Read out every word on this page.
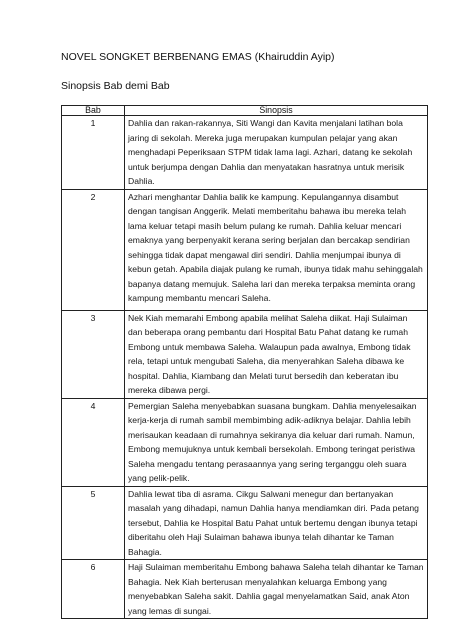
NOVEL SONGKET BERBENANG EMAS (Khairuddin Ayip)
Sinopsis Bab demi Bab
Bab	Sinopsis
1	Dahlia dan rakan-rakannya, Siti Wangi dan Kavita menjalani latihan bola jaring di sekolah. Mereka juga merupakan kumpulan pelajar yang akan menghadapi Peperiksaan STPM tidak lama lagi. Azhari, datang ke sekolah untuk berjumpa dengan Dahlia dan menyatakan hasratnya untuk merisik Dahlia.
2	Azhari menghantar Dahlia balik ke kampung. Kepulangannya disambut dengan tangisan Anggerik. Melati memberitahu bahawa ibu mereka telah lama keluar tetapi masih belum pulang ke rumah. Dahlia keluar mencari emaknya yang berpenyakit kerana sering berjalan dan bercakap sendirian sehingga tidak dapat mengawal diri sendiri. Dahlia menjumpai ibunya di kebun getah. Apabila diajak pulang ke rumah, ibunya tidak mahu sehinggalah bapanya datang memujuk. Saleha lari dan mereka terpaksa meminta orang kampung membantu mencari Saleha.
3	Nek Kiah memarahi Embong apabila melihat Saleha diikat. Haji Sulaiman dan beberapa orang pembantu dari Hospital Batu Pahat datang ke rumah Embong untuk membawa Saleha. Walaupun pada awalnya, Embong tidak rela, tetapi untuk mengubati Saleha, dia menyerahkan Saleha dibawa ke hospital. Dahlia, Kiambang dan Melati turut bersedih dan keberatan ibu mereka dibawa pergi.
4	Pemergian Saleha menyebabkan suasana bungkam. Dahlia menyelesaikan kerja-kerja di rumah sambil membimbing adik-adiknya belajar. Dahlia lebih merisaukan keadaan di rumahnya sekiranya dia keluar dari rumah. Namun, Embong memujuknya untuk kembali bersekolah. Embong teringat peristiwa Saleha mengadu tentang perasaannya yang sering terganggu oleh suara yang pelik-pelik.
5	Dahlia lewat tiba di asrama. Cikgu Salwani menegur dan bertanyakan masalah yang dihadapi, namun Dahlia hanya mendiamkan diri. Pada petang tersebut, Dahlia ke Hospital Batu Pahat untuk bertemu dengan ibunya tetapi diberitahu oleh Haji Sulaiman bahawa ibunya telah dihantar ke Taman Bahagia.
6	Haji Sulaiman memberitahu Embong bahawa Saleha telah dihantar ke Taman Bahagia. Nek Kiah berterusan menyalahkan keluarga Embong yang menyebabkan Saleha sakit. Dahlia gagal menyelamatkan Said, anak Aton yang lemas di sungai.
